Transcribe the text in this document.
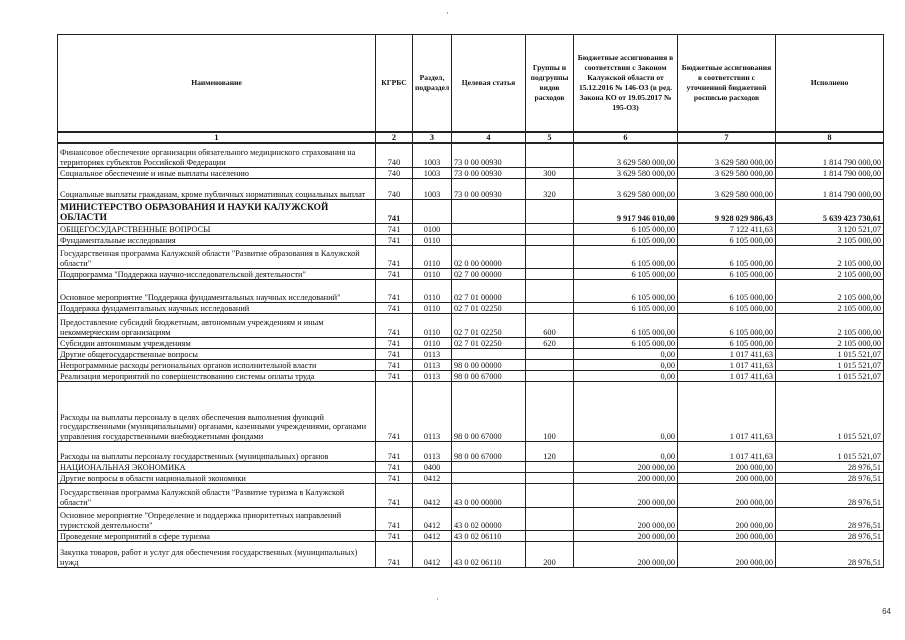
·
Наименование	КГРБС	Раздел, подраздел	Целевая статья	Группы и подгруппы видов расходов	Бюджетные ассигнования в соответствии с Законом Калужской области от 15.12.2016 № 146-ОЗ (в ред. Закона КО от 19.05.2017 № 195-ОЗ)	Бюджетные ассигнования в соответствии с уточненной бюджетной росписью расходов	Исполнено
1	2	3	4	5	6	7	8
Финансовое обеспечение организации обязательного медицинского страхования на территориях субъектов Российской Федерации	740	1003	73 0 00 00930		3 629 580 000,00	3 629 580 000,00	1 814 790 000,00
Социальное обеспечение и иные выплаты населению	740	1003	73 0 00 00930	300	3 629 580 000,00	3 629 580 000,00	1 814 790 000,00
Социальные выплаты гражданам, кроме публичных нормативных социальных выплат	740	1003	73 0 00 00930	320	3 629 580 000,00	3 629 580 000,00	1 814 790 000,00
МИНИСТЕРСТВО ОБРАЗОВАНИЯ И НАУКИ КАЛУЖСКОЙ ОБЛАСТИ	741				9 917 946 010,00	9 928 029 986,43	5 639 423 730,61
ОБЩЕГОСУДАРСТВЕННЫЕ ВОПРОСЫ	741	0100			6 105 000,00	7 122 411,63	3 120 521,07
Фундаментальные исследования	741	0110			6 105 000,00	6 105 000,00	2 105 000,00
Государственная программа Калужской области "Развитие образования в Калужской области"	741	0110	02 0 00 00000		6 105 000,00	6 105 000,00	2 105 000,00
Подпрограмма "Поддержка научно-исследовательской деятельности"	741	0110	02 7 00 00000		6 105 000,00	6 105 000,00	2 105 000,00
Основное мероприятие "Поддержка фундаментальных научных исследований"	741	0110	02 7 01 00000		6 105 000,00	6 105 000,00	2 105 000,00
Поддержка фундаментальных научных исследований	741	0110	02 7 01 02250		6 105 000,00	6 105 000,00	2 105 000,00
Предоставление субсидий бюджетным, автономным учреждениям и иным некоммерческим организациям	741	0110	02 7 01 02250	600	6 105 000,00	6 105 000,00	2 105 000,00
Субсидии автономным учреждениям	741	0110	02 7 01 02250	620	6 105 000,00	6 105 000,00	2 105 000,00
Другие общегосударственные вопросы	741	0113			0,00	1 017 411,63	1 015 521,07
Непрограммные расходы региональных органов исполнительной власти	741	0113	98 0 00 00000		0,00	1 017 411,63	1 015 521,07
Реализация мероприятий по совершенствованию системы оплаты труда	741	0113	98 0 00 67000		0,00	1 017 411,63	1 015 521,07
Расходы на выплаты персоналу в целях обеспечения выполнения функций государственными (муниципальными) органами, казенными учреждениями, органами управления государственными внебюджетными фондами	741	0113	98 0 00 67000	100	0,00	1 017 411,63	1 015 521,07
Расходы на выплаты персоналу государственных (муниципальных) органов	741	0113	98 0 00 67000	120	0,00	1 017 411,63	1 015 521,07
НАЦИОНАЛЬНАЯ ЭКОНОМИКА	741	0400			200 000,00	200 000,00	28 976,51
Другие вопросы в области национальной экономики	741	0412			200 000,00	200 000,00	28 976,51
Государственная программа Калужской области "Развитие туризма в Калужской области"	741	0412	43 0 00 00000		200 000,00	200 000,00	28 976,51
Основное мероприятие "Определение и поддержка приоритетных направлений туристской деятельности"	741	0412	43 0 02 00000		200 000,00	200 000,00	28 976,51
Проведение мероприятий в сфере туризма	741	0412	43 0 02 06110		200 000,00	200 000,00	28 976,51
Закупка товаров, работ и услуг для обеспечения государственных (муниципальных) нужд	741	0412	43 0 02 06110	200	200 000,00	200 000,00	28 976,51
·
64
